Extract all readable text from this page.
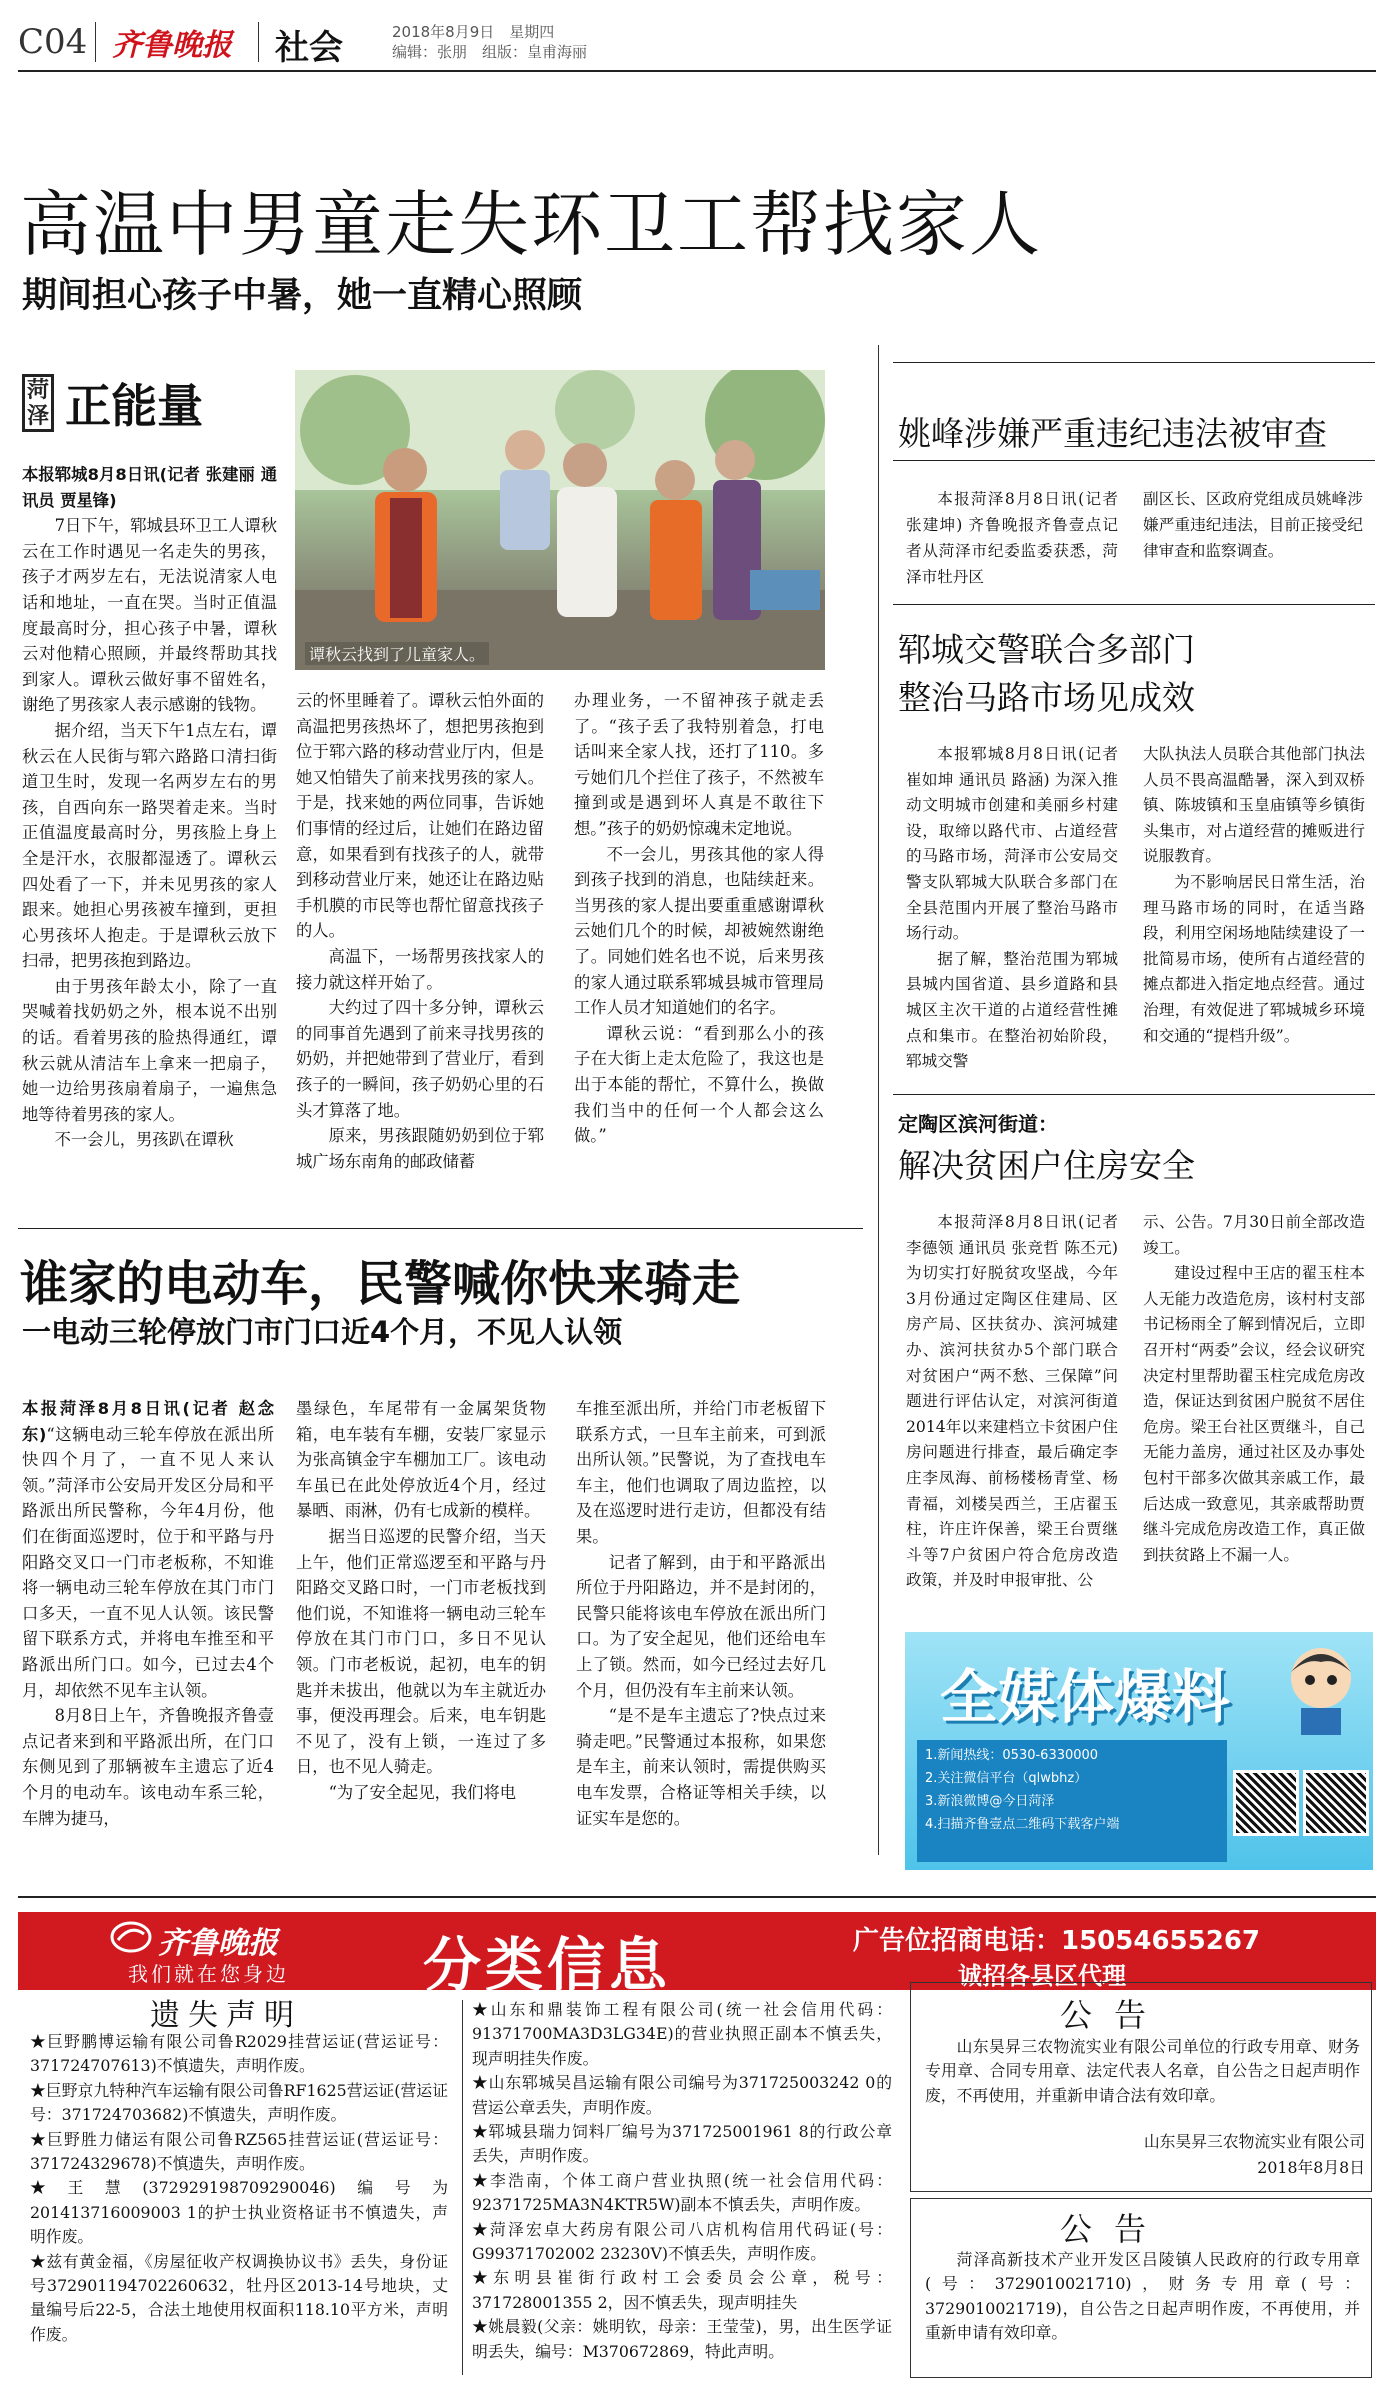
C04 齐鲁晚报 社会	2018年8月9日　星期四
编辑：张朋　组版：皇甫海丽
高温中男童走失环卫工帮找家人
期间担心孩子中暑，她一直精心照顾
菏泽 正能量
谭秋云找到了儿童家人。

本报郓城8月8日讯(记者 张建丽 通讯员 贾星锋)

7日下午，郓城县环卫工人谭秋云在工作时遇见一名走失的男孩，孩子才两岁左右，无法说清家人电话和地址，一直在哭。当时正值温度最高时分，担心孩子中暑，谭秋云对他精心照顾，并最终帮助其找到家人。谭秋云做好事不留姓名，谢绝了男孩家人表示感谢的钱物。

据介绍，当天下午1点左右，谭秋云在人民街与郓六路路口清扫街道卫生时，发现一名两岁左右的男孩，自西向东一路哭着走来。当时正值温度最高时分，男孩脸上身上全是汗水，衣服都湿透了。谭秋云四处看了一下，并未见男孩的家人跟来。她担心男孩被车撞到，更担心男孩坏人抱走。于是谭秋云放下扫帚，把男孩抱到路边。

由于男孩年龄太小，除了一直哭喊着找奶奶之外，根本说不出别的话。看着男孩的脸热得通红，谭秋云就从清洁车上拿来一把扇子，她一边给男孩扇着扇子，一遍焦急地等待着男孩的家人。

不一会儿，男孩趴在谭秋

云的怀里睡着了。谭秋云怕外面的高温把男孩热坏了，想把男孩抱到位于郓六路的移动营业厅内，但是她又怕错失了前来找男孩的家人。于是，找来她的两位同事，告诉她们事情的经过后，让她们在路边留意，如果看到有找孩子的人，就带到移动营业厅来，她还让在路边贴手机膜的市民等也帮忙留意找孩子的人。

高温下，一场帮男孩找家人的接力就这样开始了。

大约过了四十多分钟，谭秋云的同事首先遇到了前来寻找男孩的奶奶，并把她带到了营业厅，看到孩子的一瞬间，孩子奶奶心里的石头才算落了地。

原来，男孩跟随奶奶到位于郓城广场东南角的邮政储蓄

办理业务，一不留神孩子就走丢了。“孩子丢了我特别着急，打电话叫来全家人找，还打了110。多亏她们几个拦住了孩子，不然被车撞到或是遇到坏人真是不敢往下想。”孩子的奶奶惊魂未定地说。

不一会儿，男孩其他的家人得到孩子找到的消息，也陆续赶来。当男孩的家人提出要重重感谢谭秋云她们几个的时候，却被婉然谢绝了。同她们姓名也不说，后来男孩的家人通过联系郓城县城市管理局工作人员才知道她们的名字。

谭秋云说：“看到那么小的孩子在大街上走太危险了，我这也是出于本能的帮忙，不算什么，换做我们当中的任何一个人都会这么做。”

姚峰涉嫌严重违纪违法被审查

本报菏泽8月8日讯(记者 张建坤) 齐鲁晚报齐鲁壹点记者从菏泽市纪委监委获悉，菏泽市牡丹区

副区长、区政府党组成员姚峰涉嫌严重违纪违法，目前正接受纪律审查和监察调查。

郓城交警联合多部门
整治马路市场见成效

本报郓城8月8日讯(记者 崔如坤 通讯员 路涵) 为深入推动文明城市创建和美丽乡村建设，取缔以路代市、占道经营的马路市场，菏泽市公安局交警支队郓城大队联合多部门在全县范围内开展了整治马路市场行动。

据了解，整治范围为郓城县城内国省道、县乡道路和县城区主次干道的占道经营性摊点和集市。在整治初始阶段，郓城交警

大队执法人员联合其他部门执法人员不畏高温酷暑，深入到双桥镇、陈坡镇和玉皇庙镇等乡镇街头集市，对占道经营的摊贩进行说服教育。

为不影响居民日常生活，治理马路市场的同时，在适当路段，利用空闲场地陆续建设了一批简易市场，使所有占道经营的摊点都进入指定地点经营。通过治理，有效促进了郓城城乡环境和交通的“提档升级”。

定陶区滨河街道：
解决贫困户住房安全

本报菏泽8月8日讯(记者 李德领 通讯员 张竞哲 陈丕元) 为切实打好脱贫攻坚战，今年3月份通过定陶区住建局、区房产局、区扶贫办、滨河城建办、滨河扶贫办5个部门联合对贫困户“两不愁、三保障”问题进行评估认定，对滨河街道2014年以来建档立卡贫困户住房问题进行排查，最后确定李庄李凤海、前杨楼杨青堂、杨青福，刘楼吴西兰，王店翟玉柱，许庄许保善，梁王台贾继斗等7户贫困户符合危房改造政策，并及时申报审批、公

示、公告。7月30日前全部改造竣工。

建设过程中王店的翟玉柱本人无能力改造危房，该村村支部书记杨雨全了解到情况后，立即召开村“两委”会议，经会议研究决定村里帮助翟玉柱完成危房改造，保证达到贫困户脱贫不居住危房。梁王台社区贾继斗，自己无能力盖房，通过社区及办事处包村干部多次做其亲戚工作，最后达成一致意见，其亲戚帮助贾继斗完成危房改造工作，真正做到扶贫路上不漏一人。

全媒体爆料
1.新闻热线：0530-6330000
2.关注微信平台（qlwbhz）
3.新浪微博@今日菏泽
4.扫描齐鲁壹点二维码下载客户端
谁家的电动车，民警喊你快来骑走
一电动三轮停放门市门口近4个月，不见人认领

本报菏泽8月8日讯(记者 赵念东)“这辆电动三轮车停放在派出所快四个月了，一直不见人来认领。”菏泽市公安局开发区分局和平路派出所民警称，今年4月份，他们在街面巡逻时，位于和平路与丹阳路交叉口一门市老板称，不知谁将一辆电动三轮车停放在其门市门口多天，一直不见人认领。该民警留下联系方式，并将电车推至和平路派出所门口。如今，已过去4个月，却依然不见车主认领。

8月8日上午，齐鲁晚报齐鲁壹点记者来到和平路派出所，在门口东侧见到了那辆被车主遗忘了近4个月的电动车。该电动车系三轮，车牌为捷马，

墨绿色，车尾带有一金属架货物箱，电车装有车棚，安装厂家显示为张高镇金宇车棚加工厂。该电动车虽已在此处停放近4个月，经过暴晒、雨淋，仍有七成新的模样。

据当日巡逻的民警介绍，当天上午，他们正常巡逻至和平路与丹阳路交叉路口时，一门市老板找到他们说，不知谁将一辆电动三轮车停放在其门市门口，多日不见认领。门市老板说，起初，电车的钥匙并未拔出，他就以为车主就近办事，便没再理会。后来，电车钥匙不见了，没有上锁，一连过了多日，也不见人骑走。

“为了安全起见，我们将电

车推至派出所，并给门市老板留下联系方式，一旦车主前来，可到派出所认领。”民警说，为了查找电车车主，他们也调取了周边监控，以及在巡逻时进行走访，但都没有结果。

记者了解到，由于和平路派出所位于丹阳路边，并不是封闭的，民警只能将该电车停放在派出所门口。为了安全起见，他们还给电车上了锁。然而，如今已经过去好几个月，但仍没有车主前来认领。

“是不是车主遗忘了?快点过来骑走吧。”民警通过本报称，如果您是车主，前来认领时，需提供购买电车发票，合格证等相关手续，以证实车是您的。

齐鲁晚报
我们就在您身边 分类信息	广告位招商电话：15054655267
诚招各县区代理
遗失声明

★巨野鹏博运输有限公司鲁R2029挂营运证(营运证号：371724707613)不慎遗失，声明作废。

★巨野京九特种汽车运输有限公司鲁RF1625营运证(营运证号：371724703682)不慎遗失，声明作废。

★巨野胜力储运有限公司鲁RZ565挂营运证(营运证号：371724329678)不慎遗失，声明作废。

★王慧(372929198709290046)编号为201413716009003 1的护士执业资格证书不慎遗失，声明作废。

★兹有黄金福，《房屋征收产权调换协议书》丢失，身份证号372901194702260632，牡丹区2013-14号地块，丈量编号后22-5，合法土地使用权面积118.10平方米，声明作废。

★山东和鼎装饰工程有限公司(统一社会信用代码：91371700MA3D3LG34E)的营业执照正副本不慎丢失，现声明挂失作废。

★山东郓城吴昌运输有限公司编号为371725003242 0的营运公章丢失，声明作废。

★郓城县瑞力饲料厂编号为371725001961 8的行政公章丢失，声明作废。

★李浩南，个体工商户营业执照(统一社会信用代码：92371725MA3N4KTR5W)副本不慎丢失，声明作废。

★菏泽宏卓大药房有限公司八店机构信用代码证(号：G99371702002 23230V)不慎丢失，声明作废。

★东明县崔街行政村工会委员会公章，税号：371728001355 2，因不慎丢失，现声明挂失

★姚晨毅(父亲：姚明钦，母亲：王莹莹)，男，出生医学证明丢失，编号：M370672869，特此声明。

公告
山东昊昇三农物流实业有限公司单位的行政专用章、财务专用章、合同专用章、法定代表人名章，自公告之日起声明作废，不再使用，并重新申请合法有效印章。
山东昊昇三农物流实业有限公司
2018年8月8日
公告
菏泽高新技术产业开发区吕陵镇人民政府的行政专用章(号：3729010021710)，财务专用章(号：3729010021719)，自公告之日起声明作废，不再使用，并重新申请有效印章。
